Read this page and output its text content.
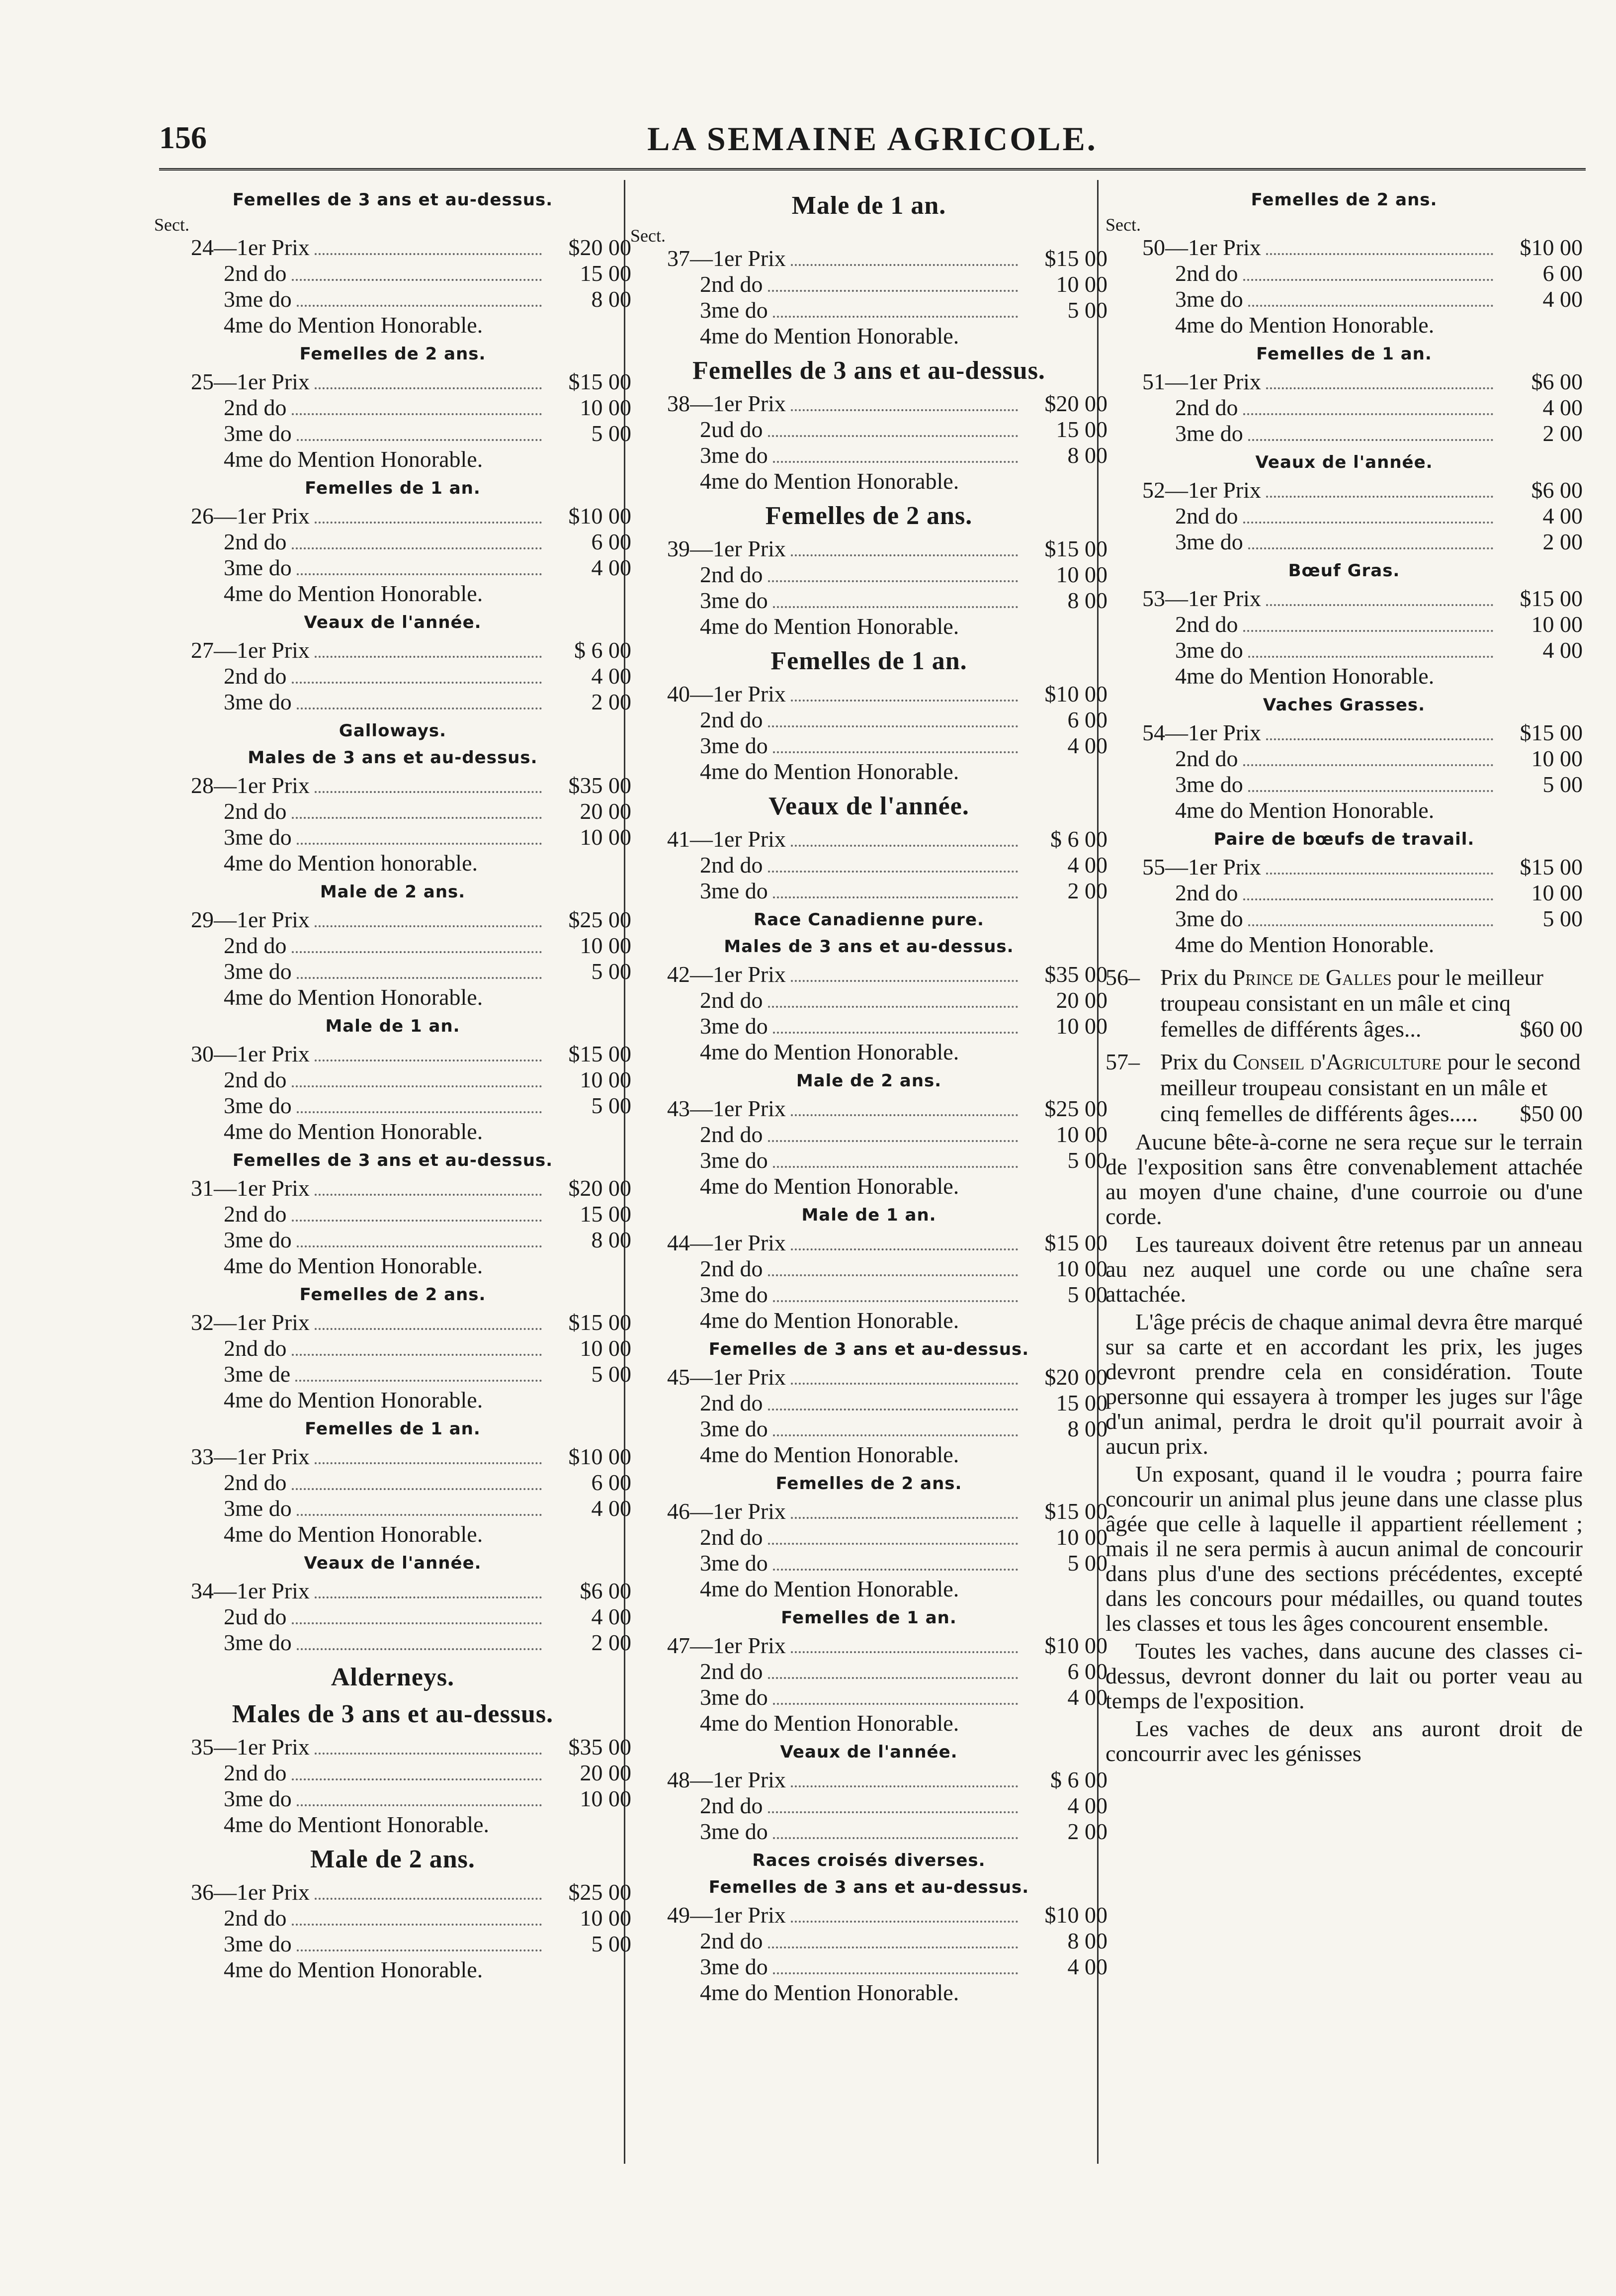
156	LA SEMAINE AGRICOLE.
Femelles de 3 ans et au-dessus.
Sect.
24 — 1er Prix	$20 00
2nd do	15 00
3me do	8 00
4me do Mention Honorable.
Femelles de 2 ans.
25 — 1er Prix	$15 00
2nd do	10 00
3me do	5 00
4me do Mention Honorable.
Femelles de 1 an.
26 — 1er Prix	$10 00
2nd do	6 00
3me do	4 00
4me do Mention Honorable.
Veaux de l'année.
27 — 1er Prix	$ 6 00
2nd do	4 00
3me do	2 00
Galloways.
Males de 3 ans et au-dessus.
28 — 1er Prix	$35 00
2nd do	20 00
3me do	10 00
4me do Mention honorable.
Male de 2 ans.
29 — 1er Prix	$25 00
2nd do	10 00
3me do	5 00
4me do Mention Honorable.
Male de 1 an.
30 — 1er Prix	$15 00
2nd do	10 00
3me do	5 00
4me do Mention Honorable.
Femelles de 3 ans et au-dessus.
31 — 1er Prix	$20 00
2nd do	15 00
3me do	8 00
4me do Mention Honorable.
Femelles de 2 ans.
32 — 1er Prix	$15 00
2nd do	10 00
3me de	5 00
4me do Mention Honorable.
Femelles de 1 an.
33 — 1er Prix	$10 00
2nd do	6 00
3me do	4 00
4me do Mention Honorable.
Veaux de l'année.
34 — 1er Prix	$6 00
2ud do	4 00
3me do	2 00
Alderneys.
Males de 3 ans et au-dessus.
35 — 1er Prix	$35 00
2nd do	20 00
3me do	10 00
4me do Mentiont Honorable.
Male de 2 ans.
36 — 1er Prix	$25 00
2nd do	10 00
3me do	5 00
4me do Mention Honorable.
Male de 1 an.
Sect.
37 — 1er Prix	$15 00
2nd do	10 00
3me do	5 00
4me do Mention Honorable.
Femelles de 3 ans et au-dessus.
38 — 1er Prix	$20 00
2ud do	15 00
3me do	8 00
4me do Mention Honorable.
Femelles de 2 ans.
39 — 1er Prix	$15 00
2nd do	10 00
3me do	8 00
4me do Mention Honorable.
Femelles de 1 an.
40 — 1er Prix	$10 00
2nd do	6 00
3me do	4 00
4me do Mention Honorable.
Veaux de l'année.
41 — 1er Prix	$ 6 00
2nd do	4 00
3me do	2 00
Race Canadienne pure.
Males de 3 ans et au-dessus.
42 — 1er Prix	$35 00
2nd do	20 00
3me do	10 00
4me do Mention Honorable.
Male de 2 ans.
43 — 1er Prix	$25 00
2nd do	10 00
3me do	5 00
4me do Mention Honorable.
Male de 1 an.
44 — 1er Prix	$15 00
2nd do	10 00
3me do	5 00
4me do Mention Honorable.
Femelles de 3 ans et au-dessus.
45 — 1er Prix	$20 00
2nd do	15 00
3me do	8 00
4me do Mention Honorable.
Femelles de 2 ans.
46 — 1er Prix	$15 00
2nd do	10 00
3me do	5 00
4me do Mention Honorable.
Femelles de 1 an.
47 — 1er Prix	$10 00
2nd do	6 00
3me do	4 00
4me do Mention Honorable.
Veaux de l'année.
48 — 1er Prix	$ 6 00
2nd do	4 00
3me do	2 00
Races croisés diverses.
Femelles de 3 ans et au-dessus.
49 — 1er Prix	$10 00
2nd do	8 00
3me do	4 00
4me do Mention Honorable.
Femelles de 2 ans.
Sect.
50 — 1er Prix	$10 00
2nd do	6 00
3me do	4 00
4me do Mention Honorable.
Femelles de 1 an.
51 — 1er Prix	$6 00
2nd do	4 00
3me do	2 00
Veaux de l'année.
52 — 1er Prix	$6 00
2nd do	4 00
3me do	2 00
Bœuf Gras.
53 — 1er Prix	$15 00
2nd do	10 00
3me do	4 00
4me do Mention Honorable.
Vaches Grasses.
54 — 1er Prix	$15 00
2nd do	10 00
3me do	5 00
4me do Mention Honorable.
Paire de bœufs de travail.
55 — 1er Prix	$15 00
2nd do	10 00
3me do	5 00
4me do Mention Honorable.
56– Prix du Prince de Galles pour le meilleur troupeau consistant en un mâle et cinq femelles de différents âges...	$60 00
57– Prix du Conseil d'Agriculture pour le second meilleur troupeau consistant en un mâle et cinq femelles de différents âges..... $50 00

Aucune bête-à-corne ne sera reçue sur le terrain de l'exposition sans être convenablement attachée au moyen d'une chaine, d'une courroie ou d'une corde.

Les taureaux doivent être retenus par un anneau au nez auquel une corde ou une chaîne sera attachée.

L'âge précis de chaque animal devra être marqué sur sa carte et en accordant les prix, les juges devront prendre cela en considération. Toute personne qui essayera à tromper les juges sur l'âge d'un animal, perdra le droit qu'il pourrait avoir à aucun prix.

Un exposant, quand il le voudra ; pourra faire concourir un animal plus jeune dans une classe plus âgée que celle à laquelle il appartient réellement ; mais il ne sera permis à aucun animal de concourir dans plus d'une des sections précédentes, excepté dans les concours pour médailles, ou quand toutes les classes et tous les âges concourent ensemble.

Toutes les vaches, dans aucune des classes ci-dessus, devront donner du lait ou porter veau au temps de l'exposition.

Les vaches de deux ans auront droit de concourrir avec les génisses
